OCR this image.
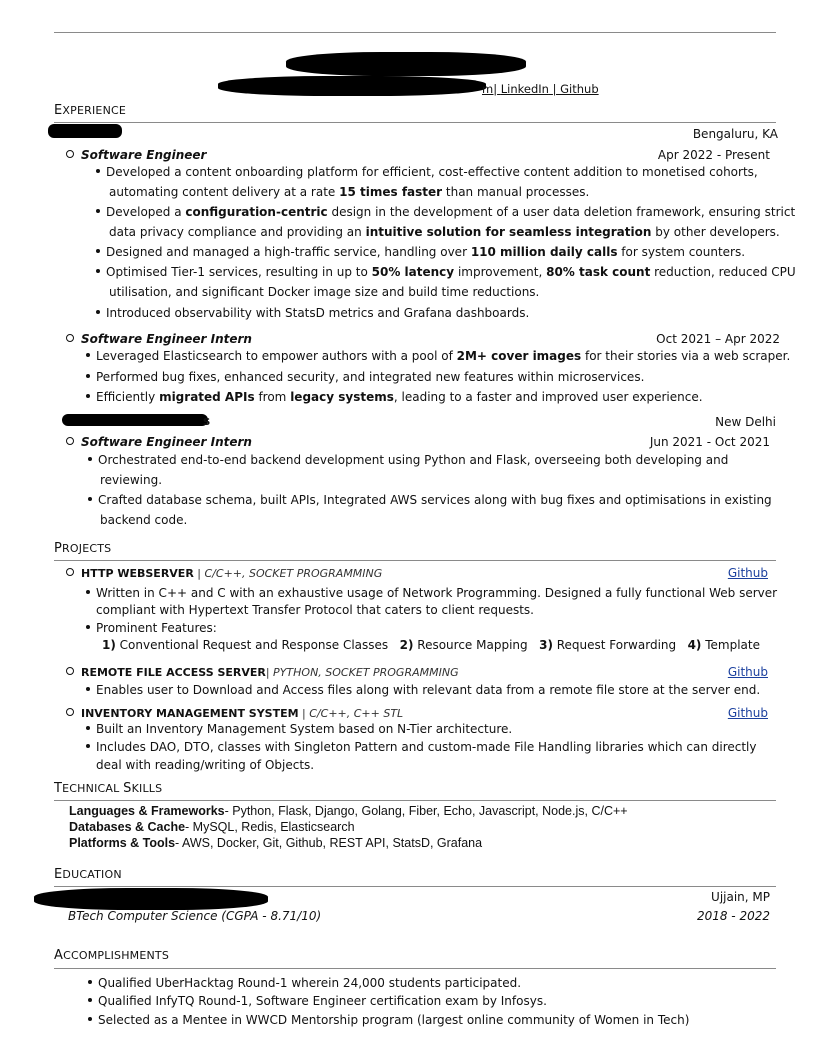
m| LinkedIn | Github
EXPERIENCE
Bengaluru, KA
Software Engineer	Apr 2022 - Present
Developed a content onboarding platform for efficient, cost-effective content addition to monetised cohorts,
automating content delivery at a rate 15 times faster than manual processes.
Developed a configuration-centric design in the development of a user data deletion framework, ensuring strict
data privacy compliance and providing an intuitive solution for seamless integration by other developers.
Designed and managed a high-traffic service, handling over 110 million daily calls for system counters.
Optimised Tier-1 services, resulting in up to 50% latency improvement, 80% task count reduction, reduced CPU
utilisation, and significant Docker image size and build time reductions.
Introduced observability with StatsD metrics and Grafana dashboards.
Software Engineer Intern	Oct 2021 – Apr 2022
Leveraged Elasticsearch to empower authors with a pool of 2M+ cover images for their stories via a web scraper.
Performed bug fixes, enhanced security, and integrated new features within microservices.
Efficiently migrated APIs from legacy systems, leading to a faster and improved user experience.
s	New Delhi
Software Engineer Intern	Jun 2021 - Oct 2021
Orchestrated end-to-end backend development using Python and Flask, overseeing both developing and
reviewing.
Crafted database schema, built APIs, Integrated AWS services along with bug fixes and optimisations in existing
backend code.
PROJECTS
HTTP WEBSERVER | C/C++, SOCKET PROGRAMMING	Github
Written in C++ and C with an exhaustive usage of Network Programming. Designed a fully functional Web server
compliant with Hypertext Transfer Protocol that caters to client requests.
Prominent Features:
1) Conventional Request and Response Classes 2) Resource Mapping 3) Request Forwarding 4) Template
REMOTE FILE ACCESS SERVER| PYTHON, SOCKET PROGRAMMING	Github
Enables user to Download and Access files along with relevant data from a remote file store at the server end.
INVENTORY MANAGEMENT SYSTEM | C/C++, C++ STL	Github
Built an Inventory Management System based on N-Tier architecture.
Includes DAO, DTO, classes with Singleton Pattern and custom-made File Handling libraries which can directly
deal with reading/writing of Objects.
TECHNICAL SKILLS
Languages & Frameworks- Python, Flask, Django, Golang, Fiber, Echo, Javascript, Node.js, C/C++
Databases & Cache- MySQL, Redis, Elasticsearch
Platforms & Tools- AWS, Docker, Git, Github, REST API, StatsD, Grafana
EDUCATION
Ujjain, MP
BTech Computer Science (CGPA - 8.71/10)	2018 - 2022
ACCOMPLISHMENTS
Qualified UberHacktag Round-1 wherein 24,000 students participated.
Qualified InfyTQ Round-1, Software Engineer certification exam by Infosys.
Selected as a Mentee in WWCD Mentorship program (largest online community of Women in Tech)
